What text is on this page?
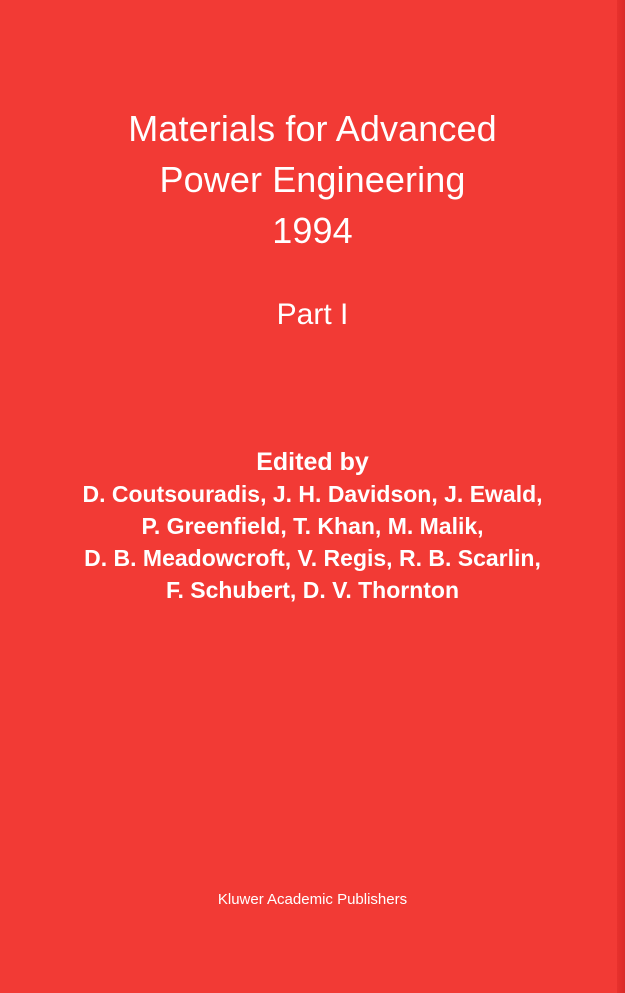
Materials for Advanced
Power Engineering
1994
Part I
Edited by
D. Coutsouradis, J. H. Davidson, J. Ewald,
P. Greenfield, T. Khan, M. Malik,
D. B. Meadowcroft, V. Regis, R. B. Scarlin,
F. Schubert, D. V. Thornton
Kluwer Academic Publishers
